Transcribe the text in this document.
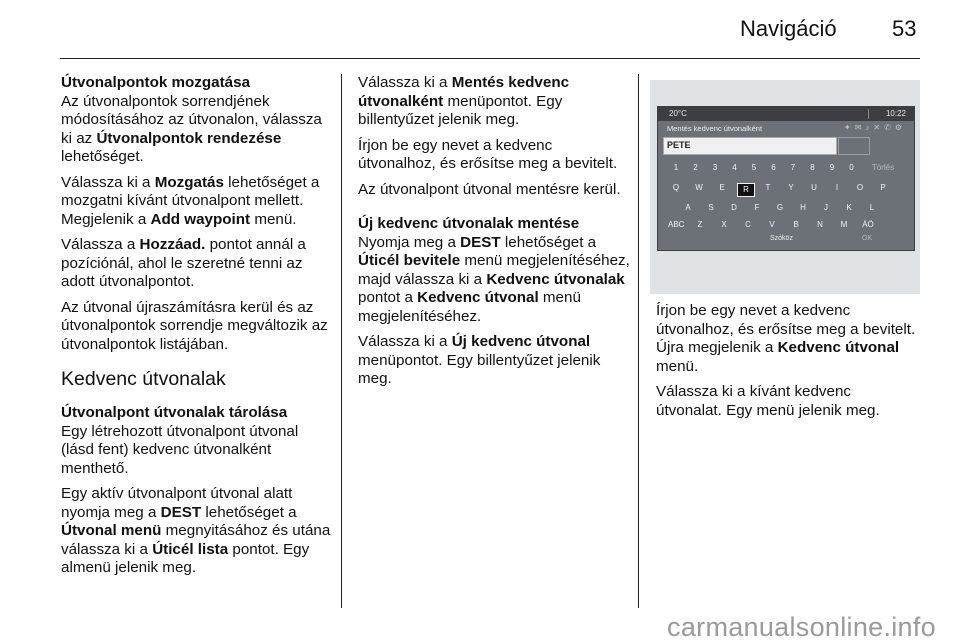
Navigáció	53

Útvonalpontok mozgatása
Az útvonalpontok sorrendjének módosításához az útvonalon, válassza ki az Útvonalpontok rendezése lehetőséget.

Válassza ki a Mozgatás lehetőséget a mozgatni kívánt útvonalpont mellett. Megjelenik a Add waypoint menü.

Válassza a Hozzáad. pontot annál a pozíciónál, ahol le szeretné tenni az adott útvonalpontot.

Az útvonal újraszámításra kerül és az útvonalpontok sorrendje megváltozik az útvonalpontok listájában.

Kedvenc útvonalak

Útvonalpont útvonalak tárolása
Egy létrehozott útvonalpont útvonal (lásd fent) kedvenc útvonalként menthető.

Egy aktív útvonalpont útvonal alatt nyomja meg a DEST lehetőséget a Útvonal menü megnyitásához és utána válassza ki a Úticél lista pontot. Egy almenü jelenik meg.

Válassza ki a Mentés kedvenc útvonalként menüpontot. Egy billentyűzet jelenik meg.

Írjon be egy nevet a kedvenc útvonalhoz, és erősítse meg a bevitelt.

Az útvonalpont útvonal mentésre kerül.

Új kedvenc útvonalak mentése
Nyomja meg a DEST lehetőséget a Úticél bevitele menü megjelenítéséhez, majd válassza ki a Kedvenc útvonalak pontot a Kedvenc útvonal menü megjelenítéséhez.

Válassza ki a Új kedvenc útvonal menüpontot. Egy billentyűzet jelenik meg.

20°C	10:22
Mentés kedvenc útvonalként	✦✉♪✕✆⚙
PETE
1	2	3	4	5	6	7	8	9	0	Törlés
Q	W	E	R	T	Y	U	I	O	P
A	S	D	F	G	H	J	K	L
ABC	Z	X	C	V	B	N	M	ÁÖ
Szóköz	OK

Írjon be egy nevet a kedvenc útvonalhoz, és erősítse meg a bevitelt. Újra megjelenik a Kedvenc útvonal menü.

Válassza ki a kívánt kedvenc útvonalat. Egy menü jelenik meg.

carmanualsonline.info
